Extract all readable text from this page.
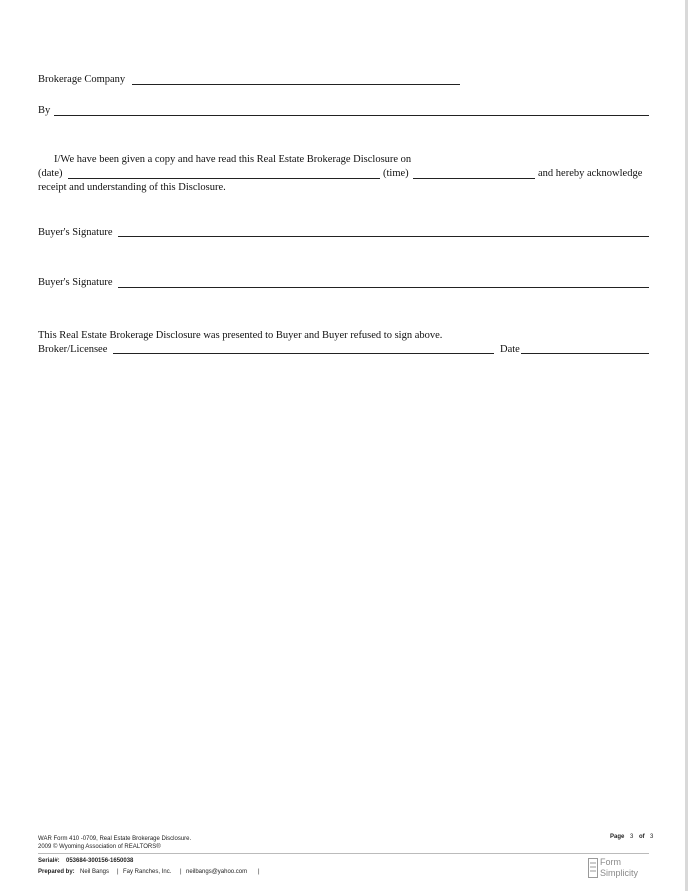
Brokerage Company
By
I/We have been given a copy and have read this Real Estate Brokerage Disclosure on
(date)	(time)	and hereby acknowledge
receipt and understanding of this Disclosure.
Buyer's Signature
Buyer's Signature
This Real Estate Brokerage Disclosure was presented to Buyer and Buyer refused to sign above.
Broker/Licensee	Date
WAR Form 410 -0709, Real Estate Brokerage Disclosure.
2009 © Wyoming Association of REALTORS®
Page 3 of 3
Serial#: 053684-300156-1650038
Prepared by: Neil Bangs | Fay Ranches, Inc. | neilbangs@yahoo.com |
Form
Simplicity
